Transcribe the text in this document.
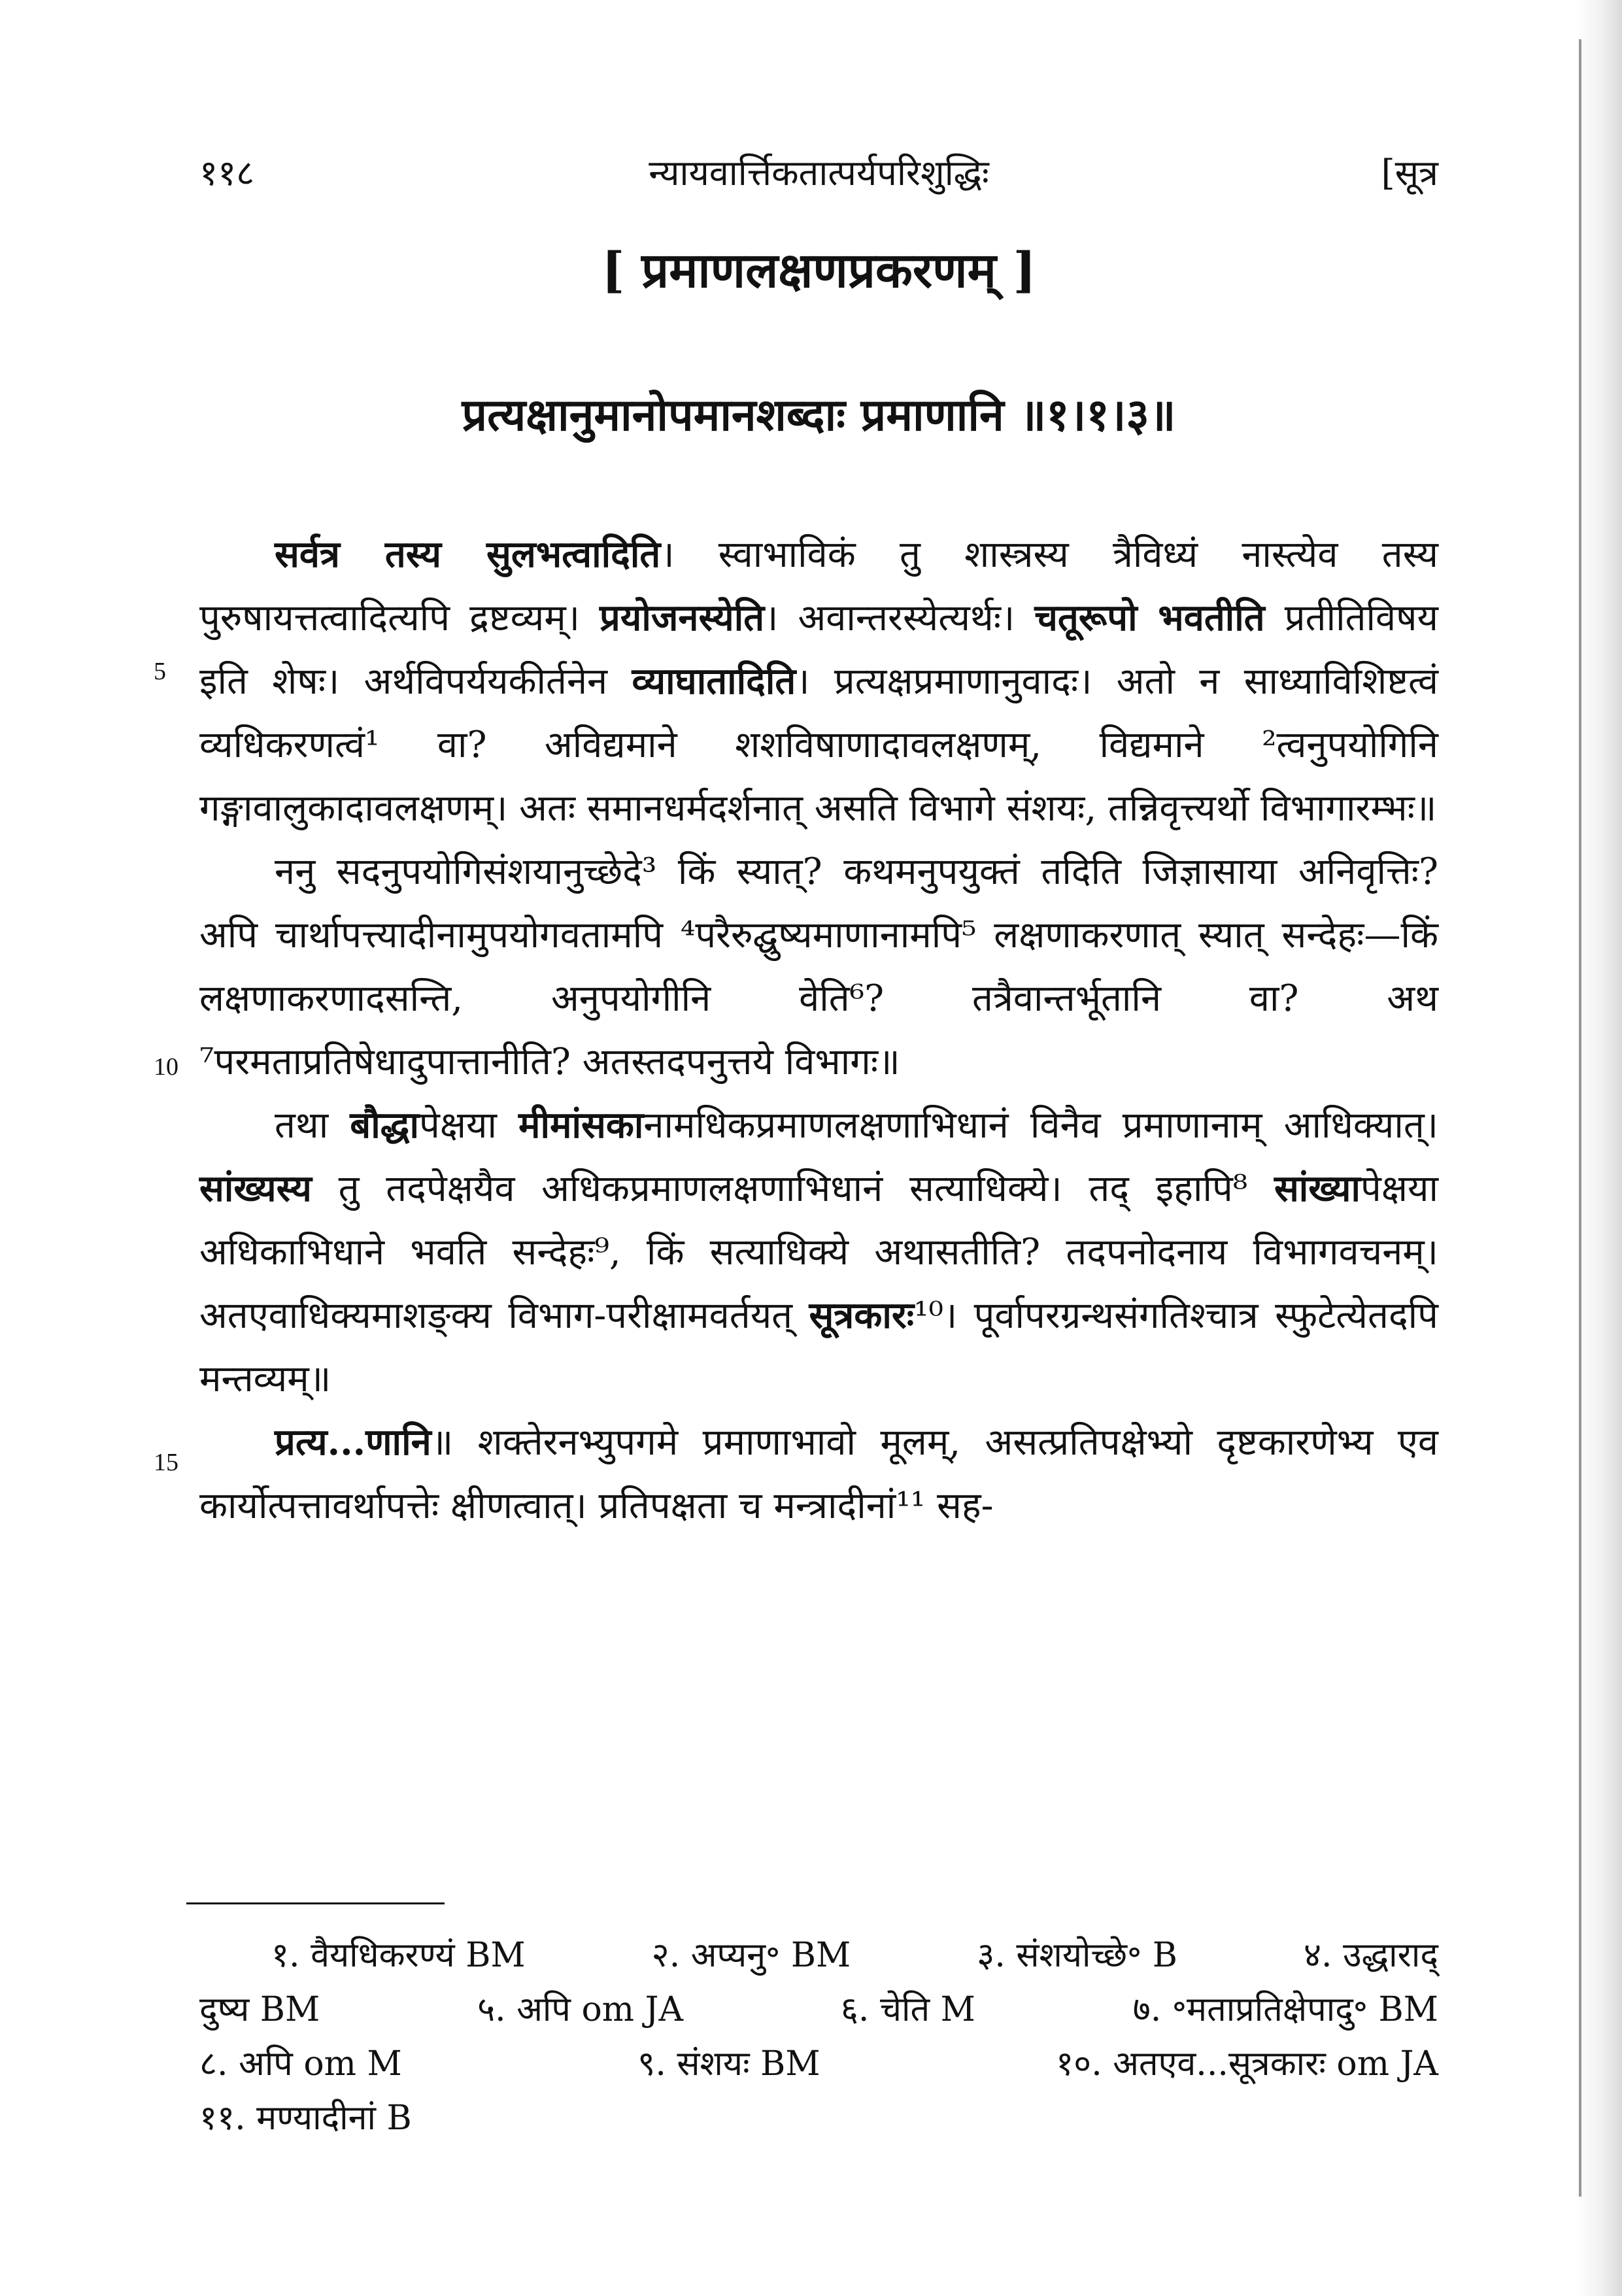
११८	न्यायवार्त्तिकतात्पर्यपरिशुद्धिः	[सूत्र
[ प्रमाणलक्षणप्रकरणम् ]
प्रत्यक्षानुमानोपमानशब्दाः प्रमाणानि ॥१।१।३॥
5
10
15

सर्वत्र तस्य सुलभत्वादिति। स्वाभाविकं तु शास्त्रस्य त्रैविध्यं नास्त्येव तस्य पुरुषायत्तत्वादित्यपि द्रष्टव्यम्। प्रयोजनस्येति। अवान्तरस्येत्यर्थः। चतूरूपो भवतीति प्रतीतिविषय इति शेषः। अर्थविपर्ययकीर्तनेन व्याघातादिति। प्रत्यक्षप्रमाणानुवादः। अतो न साध्याविशिष्टत्वं व्यधिकरणत्वं¹ वा? अविद्यमाने शशविषाणादावलक्षणम्, विद्यमाने ²त्वनुपयोगिनि गङ्गावालुकादावलक्षणम्। अतः समानधर्मदर्शनात् असति विभागे संशयः, तन्निवृत्त्यर्थो विभागारम्भः॥

ननु सदनुपयोगिसंशयानुच्छेदे³ किं स्यात्? कथमनुपयुक्तं तदिति जिज्ञासाया अनिवृत्तिः? अपि चार्थापत्त्यादीनामुपयोगवतामपि ⁴परैरुद्घुष्यमाणानामपि⁵ लक्षणाकरणात् स्यात् सन्देहः—किं लक्षणाकरणादसन्ति, अनुपयोगीनि वेति⁶? तत्रैवान्तर्भूतानि वा? अथ ⁷परमताप्रतिषेधादुपात्तानीति? अतस्तदपनुत्तये विभागः॥

तथा बौद्धापेक्षया मीमांसकानामधिकप्रमाणलक्षणाभिधानं विनैव प्रमाणानाम् आधिक्यात्। सांख्यस्य तु तदपेक्षयैव अधिकप्रमाणलक्षणाभिधानं सत्याधिक्ये। तद् इहापि⁸ सांख्यापेक्षया अधिकाभिधाने भवति सन्देहः⁹, किं सत्याधिक्ये अथासतीति? तदपनोदनाय विभागवचनम्। अतएवाधिक्यमाशङ्क्य विभाग-परीक्षामवर्तयत् सूत्रकारः¹⁰। पूर्वापरग्रन्थसंगतिश्चात्र स्फुटेत्येतदपि मन्तव्यम्॥

प्रत्य...णानि॥ शक्तेरनभ्युपगमे प्रमाणाभावो मूलम्, असत्प्रतिपक्षेभ्यो दृष्टकारणेभ्य एव कार्योत्पत्तावर्थापत्तेः क्षीणत्वात्। प्रतिपक्षता च मन्त्रादीनां¹¹ सह-

१. वैयधिकरण्यं BM	२. अप्यनु॰ BM	३. संशयोच्छे॰ B	४. उद्धाराद्
दुष्य BM	५. अपि om JA	६. चेति M	७. ॰मताप्रतिक्षेपादु॰ BM
८. अपि om M	९. संशयः BM	१०. अतएव...सूत्रकारः om JA
११. मण्यादीनां B
